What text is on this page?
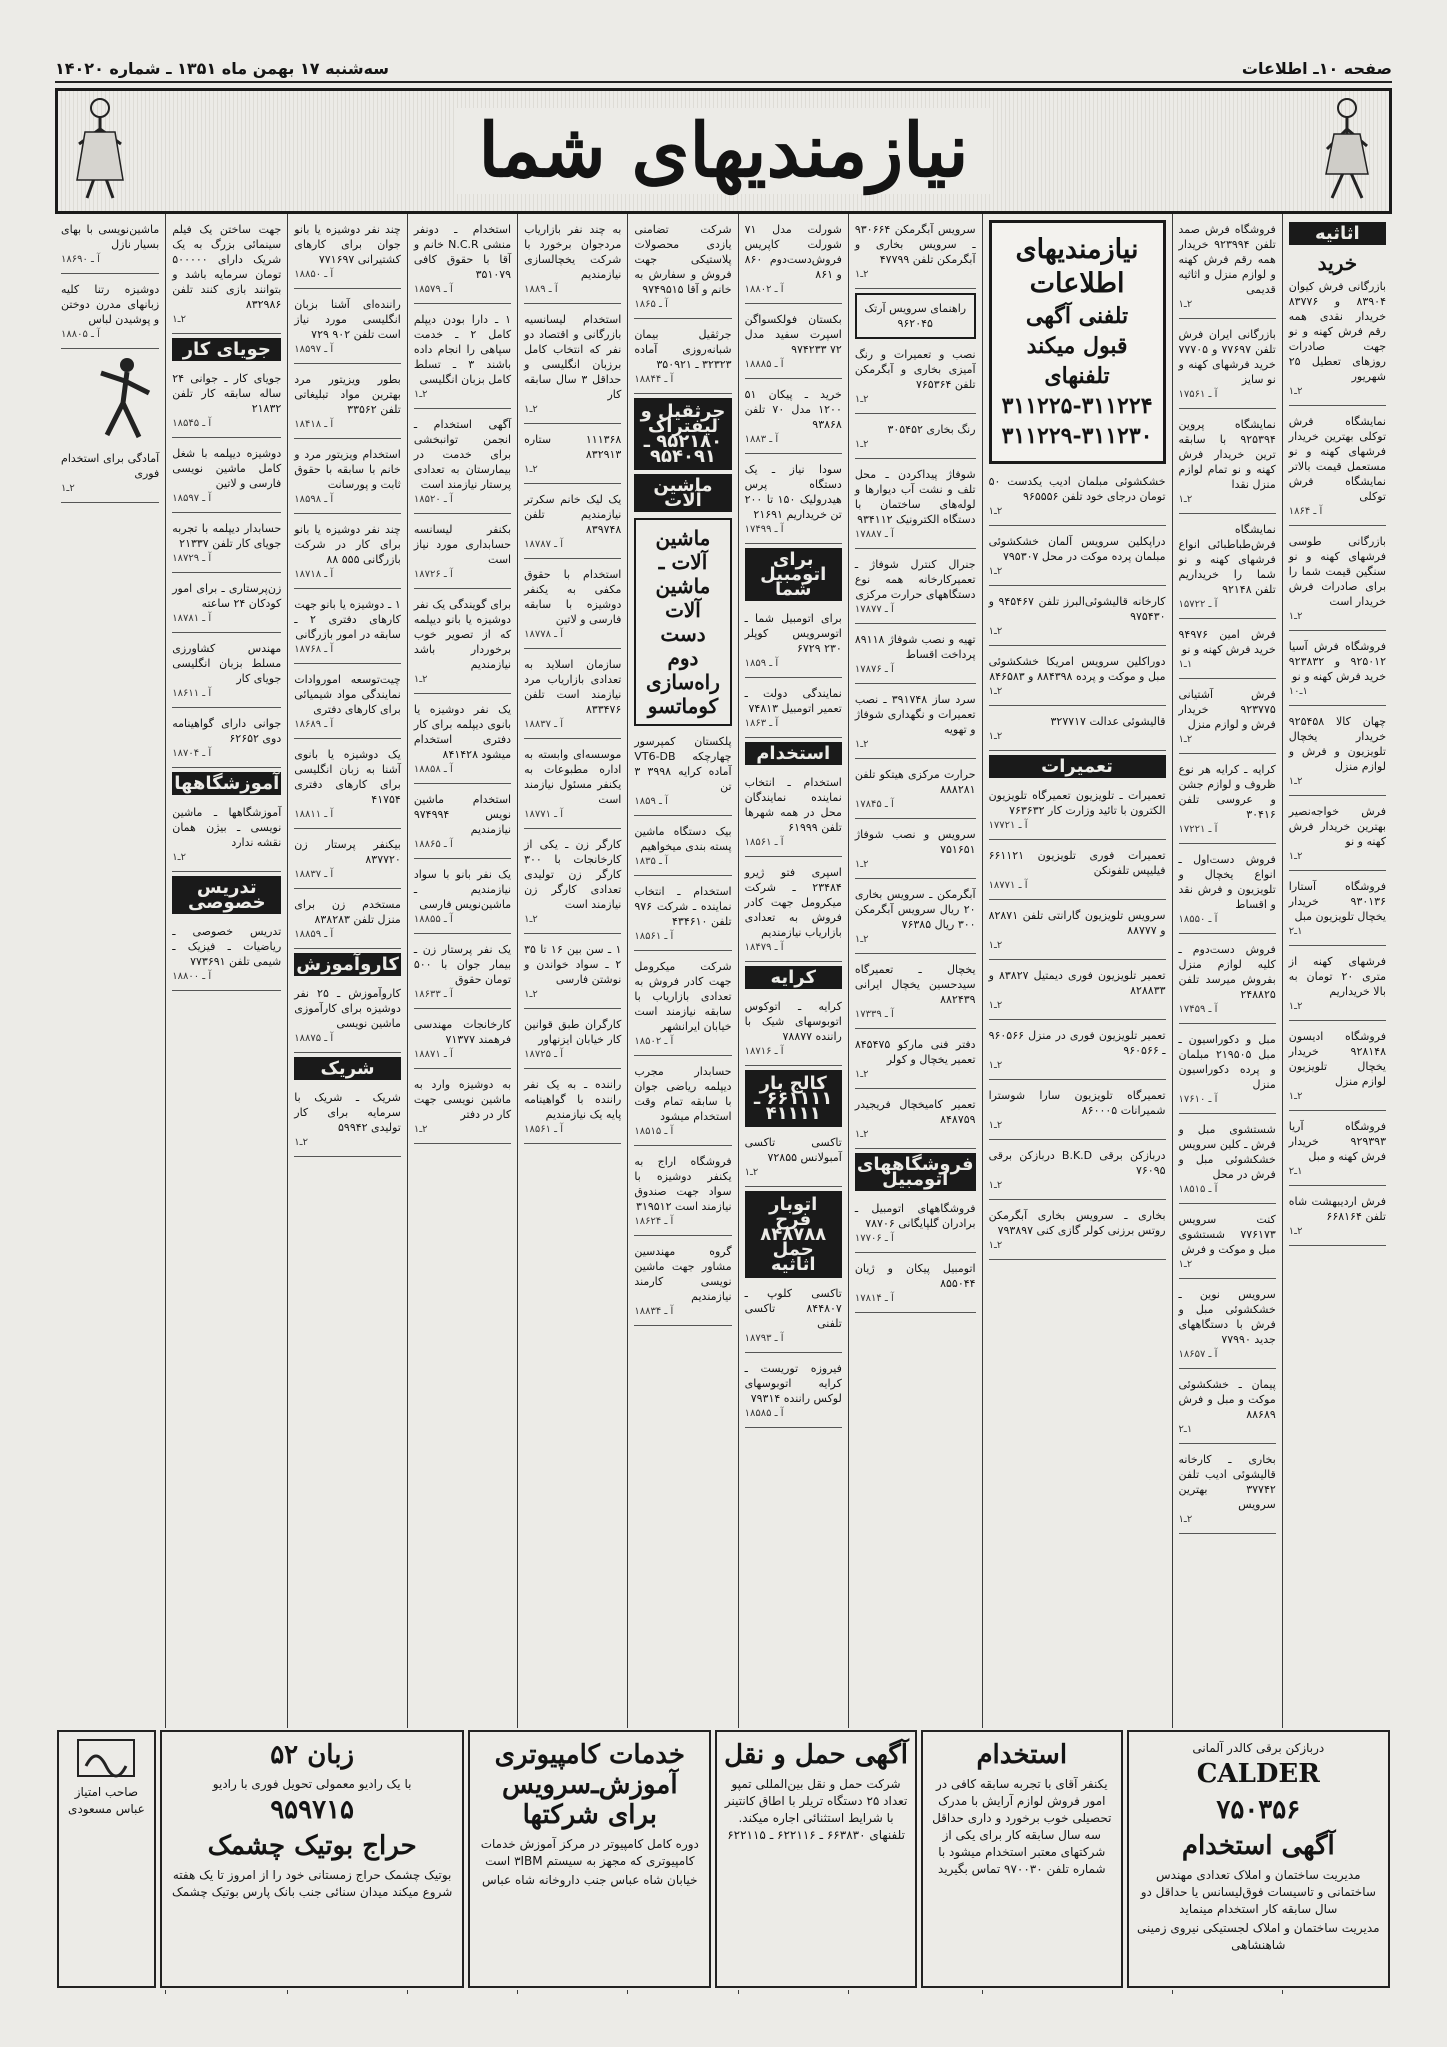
صفحه ۱۰ـ اطلاعات
سه‌شنبه ۱۷ بهمن ماه ۱۳۵۱ ـ شماره ۱۴۰۲۰
نیازمندیهای شما
اثاثیه
خرید
بازرگانی فرش کیوان ۸۳۹۰۴ و ۸۳۷۷۶ خریدار نقدی همه رقم فرش کهنه و نو جهت صادرات روزهای تعطیل ۲۵ شهریور
۲ـ۱
نمایشگاه فرش توکلی بهترین خریدار فرشهای کهنه و نو مستعمل قیمت بالاتر نمایشگاه فرش توکلی
آ ـ ۱۸۶۴
بازرگانی طوسی فرشهای کهنه و نو سنگین قیمت شما را برای صادرات فرش خریدار است
۲ـ۱
فروشگاه فرش آسیا ۹۲۵۰۱۲ و ۹۲۳۸۳۲ خرید فرش کهنه و نو
۱ـ۱۰
چهان کالا ۹۲۵۴۵۸ خریدار یخچال تلویزیون و فرش و لوازم منزل
۲ـ۱
فرش خواجه‌نصیر بهترین خریدار فرش کهنه و نو
۲ـ۱
فروشگاه آستارا ۹۳۰۱۳۶ خریدار یخچال تلویزیون مبل
۱ـ۲
فرشهای کهنه از متری ۲۰ تومان به بالا خریداریم
۲ـ۱
فروشگاه ادیسون ۹۲۸۱۴۸ خریدار یخچال تلویزیون لوازم منزل
۲ـ۱
فروشگاه آریا ۹۲۹۳۹۳ خریدار فرش کهنه و مبل
۱ـ۲
فرش اردیبهشت شاه تلفن ۶۶۸۱۶۴
۲ـ۱
فروشگاه فرش صمد تلفن ۹۲۳۹۹۴ خریدار همه رقم فرش کهنه و لوازم منزل و اثاثیه قدیمی
۲ـ۱
بازرگانی ایران فرش تلفن ۷۷۶۹۷ و ۷۷۷۰۵ خرید فرشهای کهنه و نو سایز
آ ـ ۱۷۵۶۱
نمایشگاه پروین ۹۲۵۳۹۴ با سابقه ترین خریدار فرش کهنه و نو تمام لوازم منزل نقدا
۲ـ۱
نمایشگاه فرش‌طباطبائی انواع فرشهای کهنه و نو شما را خریداریم تلفن ۹۲۱۴۸
آ ـ ۱۵۷۲۲
فرش امین ۹۴۹۷۶ خرید فرش کهنه و نو
۱ـ۱
فرش آشتیانی ۹۲۳۷۷۵ خریدار فرش و لوازم منزل
۲ـ۱
کرایه ـ کرایه هر نوع ظروف و لوازم جشن و عروسی تلفن ۳۰۴۱۶
آ ـ ۱۷۲۲۱
فروش دست‌اول ـ انواع یخچال و تلویزیون و فرش نقد و اقساط
آ ـ ۱۸۵۵۰
فروش دست‌دوم ـ کلیه لوازم منزل بفروش میرسد تلفن ۲۴۸۸۲۵
آ ـ ۱۷۴۵۹
مبل و دکوراسیون ـ مبل ۲۱۹۵۰۵ مبلمان و پرده دکوراسیون منزل
آ ـ ۱۷۶۱۰
شستشوی مبل و فرش ـ کلین سرویس خشکشوئی مبل و فرش در محل
آ ـ ۱۸۵۱۵
کنت سرویس ۷۷۶۱۷۳ شستشوی مبل و موکت و فرش
۲ـ۱
سرویس نوین ـ خشکشوئی مبل و فرش با دستگاههای جدید ۷۷۹۹۰
آ ـ ۱۸۶۵۷
پیمان ـ خشکشوئی موکت و مبل و فرش ۸۸۶۸۹
۱ـ۲
بخاری ـ کارخانه قالیشوئی ادیب تلفن ۳۷۷۴۲ بهترین سرویس
۲ـ۱
نیازمندیهای اطلاعات
تلفنی آگهی قبول میکند
تلفنهای ۳۱۱۲۲۴-۳۱۱۲۲۵
۳۱۱۲۲۹-۳۱۱۲۳۰
خشکشوئی مبلمان ادیب یکدست ۵۰ تومان درجای خود تلفن ۹۶۵۵۵۶
۲ـ۱
دراپکلین سرویس آلمان خشکشوئی مبلمان پرده موکت در محل ۷۹۵۳۰۷
۲ـ۱
کارخانه قالیشوئی‌البرز تلفن ۹۴۵۴۶۷ و ۹۷۵۴۳۰
۲ـ۱
دوراکلین سرویس امریکا خشکشوئی مبل و موکت و پرده ۸۸۴۳۹۸ و ۸۴۶۵۸۳
۲ـ۱
قالیشوئی عدالت ۳۲۷۷۱۷
۲ـ۱
تعمیرات
تعمیرات ـ تلویزیون تعمیرگاه تلویزیون الکترون با تائید وزارت کار ۷۶۳۶۳۲
آ ـ ۱۷۷۲۱
تعمیرات فوری تلویزیون ۶۶۱۱۲۱ فیلیپس تلفونکن
آ ـ ۱۸۷۷۱
سرویس تلویزیون گارانتی تلفن ۸۲۸۷۱ و ۸۸۷۷۷
۲ـ۱
تعمیر تلویزیون فوری دیمتیل ۸۳۸۲۷ و ۸۲۸۸۳۳
۲ـ۱
تعمیر تلویزیون فوری در منزل ۹۶۰۵۶۶ ـ ۹۶۰۵۶۶
۲ـ۱
تعمیرگاه تلویزیون سارا شوسترا شمیرانات ۸۶۰۰۰۵
۲ـ۱
دربازکن برقی B.K.D دربازکن برقی ۷۶۰۹۵
۲ـ۱
بخاری ـ سرویس بخاری آبگرمکن روتس برزنی کولر گازی کنی ۷۹۳۸۹۷
۲ـ۱
سرویس آبگرمکن ۹۳۰۶۶۴ ـ سرویس بخاری و آبگرمکن تلفن ۴۷۷۹۹
۲ـ۱
راهنمای سرویس آرتک ۹۶۲۰۴۵
نصب و تعمیرات و رنگ آمیزی بخاری و آبگرمکن تلفن ۷۶۵۳۶۴
۲ـ۱
رنگ بخاری ۳۰۵۴۵۲
۲ـ۱
شوفاژ پیداکردن ـ محل تلف و نشت آب دیوارها و لوله‌های ساختمان با دستگاه الکترونیک ۹۳۴۱۱۲
آ ـ ۱۷۸۸۷
جنرال کنترل شوفاژ ـ تعمیرکارخانه همه نوع دستگاههای حرارت مرکزی
آ ـ ۱۷۸۷۷
تهیه و نصب شوفاژ ۸۹۱۱۸ پرداخت اقساط
آ ـ ۱۷۸۷۶
سرد ساز ۳۹۱۷۴۸ ـ نصب تعمیرات و نگهداری شوفاژ و تهویه
۲ـ۱
حرارت مرکزی هیتکو تلفن ۸۸۸۲۸۱
آ ـ ۱۷۸۴۵
سرویس و نصب شوفاژ ۷۵۱۶۵۱
۲ـ۱
آبگرمکن ـ سرویس بخاری ۲۰ ریال سرویس آبگرمکن ۳۰۰ ریال ۷۶۳۸۵
۲ـ۱
یخچال ـ تعمیرگاه سیدحسین یخچال ایرانی ۸۸۲۴۳۹
آ ـ ۱۷۳۳۹
دفتر فنی مارکو ۸۴۵۴۷۵ تعمیر یخچال و کولر
۲ـ۱
تعمیر کامیخچال فریجیدر ۸۴۸۷۵۹
۲ـ۱
فروشگاههای اتومبیل
فروشگاههای اتومبیل ـ برادران گلپایگانی ۷۸۷۰۶
آ ـ ۱۷۷۰۶
اتومبیل پیکان و ژیان ۸۵۵۰۴۴
آ ـ ۱۷۸۱۴
شورلت مدل ۷۱ شورلت کاپریس فروش‌دست‌دوم ۸۶۰ و ۸۶۱
آ ـ ۱۸۸۰۲
بکستان فولکسواگن اسپرت سفید مدل ۷۲ ۹۷۴۲۳۳
آ ـ ۱۸۸۸۵
خرید ـ پیکان ۵۱ ۱۲۰۰ مدل ۷۰ تلفن ۹۳۸۶۸
آ ـ ۱۸۸۳
سودا نیاز ـ یک دستگاه پرس هیدرولیک ۱۵۰ تا ۲۰۰ تن خریداریم ۲۱۶۹۱
آ ـ ۱۷۴۹۹
برای اتومبیل شما
برای اتومبیل شما ـ اتوسرویس کوپلر ۲۳۰ ۶۷۲۹
آ ـ ۱۸۵۹
نمایندگی دولت ـ تعمیر اتومبیل ۷۴۸۱۳
آ ـ ۱۸۶۳
استخدام
استخدام ـ انتخاب نماینده نمایندگان محل در همه شهرها تلفن ۶۱۹۹۹
آ ـ ۱۸۵۶۱
اسپری فتو ژیرو ۲۳۴۸۴ ـ شرکت میکرومل جهت کادر فروش به تعدادی بازاریاب نیازمندیم
آ ـ ۱۸۴۷۹
کرایه
کرایه ـ اتوکوس اتوبوسهای شیک با راننده ۷۸۸۷۷
آ ـ ۱۸۷۱۶
کالج بار ۶۶۱۱۱۱ ـ ۴۱۱۱۱
تاکسی تاکسی آمبولانس ۷۲۸۵۵
۲ـ۱
اتوبار فرح ۸۴۸۷۸۸ حمل اثاثیه
تاکسی کلوپ ـ ۸۴۴۸۰۷ تاکسی تلفنی
آ ـ ۱۸۷۹۳
فیروزه توریست ـ کرایه اتوبوسهای لوکس راننده ۷۹۳۱۴
آ ـ ۱۸۵۸۵
شرکت تضامنی یازدی محصولات پلاستیکی جهت فروش و سفارش به خانم و آقا ۹۷۴۹۵۱۵
آ ـ ۱۸۶۵
جرثقیل بیمان شبانه‌روزی آماده ۳۲۳۲۳ ـ ۳۵۰۹۲۱
آ ـ ۱۸۸۴۴
جرثقیل و لیفتراک ۹۵۲۱۸۰ ـ ۹۵۴۰۹۱
ماشین آلات
ماشین آلات ـ ماشین آلات دست دوم راه‌سازی کوماتسو
پلکستان کمپرسور چهارچکه VT6-DB آماده کرایه ۳۹۹۸ ۳ تن
آ ـ ۱۸۵۹
بیک دستگاه ماشین پسته بندی میخواهیم
آ ـ ۱۸۳۵
استخدام ـ انتخاب نماینده ـ شرکت ۹۷۶ تلفن ۴۳۴۶۱۰
آ ـ ۱۸۵۶۱
شرکت میکرومل جهت کادر فروش به تعدادی بازاریاب با سابقه نیازمند است خیابان ایرانشهر
آ ـ ۱۸۵۰۲
حسابدار مجرب دیپلمه ریاضی جوان با سابقه تمام وقت استخدام میشود
آ ـ ۱۸۵۱۵
فروشگاه اراج به یکنفر دوشیزه با سواد جهت صندوق نیازمند است ۳۱۹۵۱۲
آ ـ ۱۸۶۲۴
گروه مهندسین مشاور جهت ماشین نویسی کارمند نیازمندیم
آ ـ ۱۸۸۳۴
به چند نفر بازاریاب مردجوان برخورد با شرکت یخچالسازی نیازمندیم
آ ـ ۱۸۸۹
استخدام لیسانسیه بازرگانی و اقتصاد دو نفر که انتخاب کامل برزبان انگلیسی و حداقل ۳ سال سابقه کار
۲ـ۱
۱۱۱۳۶۸ ستاره ۸۳۲۹۱۳
۲ـ۱
یک لیک خانم سکرتر نیازمندیم تلفن ۸۳۹۷۴۸
آ ـ ۱۸۷۸۷
استخدام با حقوق مکفی به یکنفر دوشیزه با سابقه فارسی و لاتین
آ ـ ۱۸۷۷۸
سازمان اسلاید به تعدادی بازاریاب مرد نیازمند است تلفن ۸۳۳۴۷۶
آ ـ ۱۸۸۳۷
موسسه‌ای وابسته به اداره مطبوعات به یکنفر مسئول نیازمند است
آ ـ ۱۸۷۷۱
کارگر زن ـ یکی از کارخانجات با ۳۰۰ کارگر زن تولیدی تعدادی کارگر زن نیازمند است
۲ـ۱
۱ ـ سن بین ۱۶ تا ۳۵ ۲ ـ سواد خواندن و نوشتن فارسی
۲ـ۱
کارگران طبق قوانین کار خیابان ایزنهاور
آ ـ ۱۸۷۲۵
راننده ـ به یک نفر راننده با گواهینامه پایه یک نیازمندیم
آ ـ ۱۸۵۶۱
استخدام ـ دونفر منشی N.C.R خانم و آقا با حقوق کافی ۳۵۱۰۷۹
آ ـ ۱۸۵۷۹
۱ ـ دارا بودن دیپلم کامل ۲ ـ خدمت سپاهی را انجام داده باشند ۳ ـ تسلط کامل بزبان انگلیسی
۲ـ۱
آگهی استخدام ـ انجمن توانبخشی برای خدمت در بیمارستان به تعدادی پرستار نیازمند است
آ ـ ۱۸۵۲۰
بکنفر لیسانسه حسابداری مورد نیاز است
آ ـ ۱۸۷۲۶
برای گویندگی یک نفر دوشیزه یا بانو دیپلمه که از تصویر خوب برخوردار باشد نیازمندیم
۲ـ۱
یک نفر دوشیزه یا بانوی دیپلمه برای کار دفتری استخدام میشود ۸۴۱۴۲۸
آ ـ ۱۸۸۵۸
استخدام ماشین نویس ۹۷۴۹۹۴ نیازمندیم
آ ـ ۱۸۸۶۵
یک نفر بانو با سواد نیازمندیم ـ ماشین‌نویس فارسی
آ ـ ۱۸۸۵۵
یک نفر پرستار زن ـ بیمار جوان با ۵۰۰ تومان حقوق
آ ـ ۱۸۶۳۳
کارخانجات مهندسی فرهمند ۷۱۳۷۷
آ ـ ۱۸۸۷۱
به دوشیزه وارد به ماشین نویسی جهت کار در دفتر
۲ـ۱
چند نفر دوشیزه یا بانو جوان برای کارهای کشتیرانی ۷۷۱۶۹۷
آ ـ ۱۸۸۵۰
راننده‌ای آشنا بزبان انگلیسی مورد نیاز است تلفن ۹۰۲ ۷۲۹
آ ـ ۱۸۵۹۷
بطور ویزیتور مرد بهترین مواد تبلیغاتی تلفن ۳۳۵۶۲
آ ـ ۱۸۴۱۸
استخدام ویزیتور مرد و خانم با سابقه با حقوق ثابت و پورسانت
آ ـ ۱۸۵۹۸
چند نفر دوشیزه یا بانو برای کار در شرکت بازرگانی ۵۵۵ ۸۸
آ ـ ۱۸۷۱۸
۱ ـ دوشیزه یا بانو جهت کارهای دفتری ۲ ـ سابقه در امور بازرگانی
آ ـ ۱۸۷۶۸
چیت‌توسعه اموروادات نمایندگی مواد شیمیائی برای کارهای دفتری
آ ـ ۱۸۶۸۹
یک دوشیزه یا بانوی آشنا به زبان انگلیسی برای کارهای دفتری ۴۱۷۵۴
آ ـ ۱۸۸۱۱
بیکنفر پرستار زن ۸۳۷۷۲۰
آ ـ ۱۸۸۳۷
مستخدم زن برای منزل تلفن ۸۳۸۲۸۳
آ ـ ۱۸۸۵۹
کاروآموزش
کاروآموزش ـ ۲۵ نفر دوشیزه برای کارآموزی ماشین نویسی
آ ـ ۱۸۸۷۵
شریک
شریک ـ شریک با سرمایه برای کار تولیدی ۵۹۹۴۲
۲ـ۱
جهت ساختن یک فیلم سینمائی بزرگ به یک شریک دارای ۵۰۰۰۰۰ تومان سرمایه باشد و بتوانند بازی کنند تلفن ۸۳۲۹۸۶
۲ـ۱
جویای کار
جویای کار ـ جوانی ۲۴ ساله سابقه کار تلفن ۲۱۸۳۲
آ ـ ۱۸۵۴۵
دوشیزه دیپلمه با شغل کامل ماشین نویسی فارسی و لاتین
آ ـ ۱۸۵۹۷
حسابدار دیپلمه با تجربه جویای کار تلفن ۲۱۳۳۷
آ ـ ۱۸۷۲۹
زن‌پرستاری ـ برای امور کودکان ۲۴ ساعته
آ ـ ۱۸۷۸۱
مهندس کشاورزی مسلط بزبان انگلیسی جویای کار
آ ـ ۱۸۶۱۱
جوانی دارای گواهینامه دوی ۶۲۶۵۲
آ ـ ۱۸۷۰۴
آموزشگاهها
آموزشگاهها ـ ماشین نویسی ـ بیژن همان نقشه ندارد
۲ـ۱
تدریس خصوصی
تدریس خصوصی ـ ریاضیات ـ فیزیک ـ شیمی تلفن ۷۷۳۶۹۱
آ ـ ۱۸۸۰۰
ماشین‌نویسی با بهای بسیار نازل
آ ـ ۱۸۶۹۰
دوشیزه رتنا کلیه زبانهای مدرن دوختن و پوشیدن لباس
آ ـ ۱۸۸۰۵
آمادگی برای استخدام فوری
۲ـ۱

دربازکن برقی کالدر آلمانی

CALDER
۷۵۰۳۵۶
آگهی استخدام

مدیریت ساختمان و املاک تعدادی مهندس ساختمانی و تاسیسات فوق‌لیسانس یا حداقل دو سال سابقه کار استخدام مینماید

مدیریت ساختمان و املاک لجستیکی نیروی زمینی شاهنشاهی

استخدام

یکنفر آقای با تجربه سابقه کافی در امور فروش لوازم آرایش با مدرک تحصیلی خوب برخورد و داری حداقل سه سال سابقه کار برای یکی از شرکتهای معتبر استخدام میشود با شماره تلفن ۹۷۰۰۳۰ تماس بگیرید

آگهی حمل و نقل

شرکت حمل و نقل بین‌المللی تمپو تعداد ۲۵ دستگاه تریلر با اطاق کانتینر با شرایط استثنائی اجاره میکند. تلفنهای ۶۶۳۸۳۰ ـ ۶۲۲۱۱۶ ـ ۶۲۲۱۱۵

خدمات کامپیوتری آموزش‌ـ‌سرویس برای شرکتها

دوره کامل کامپیوتر در مرکز آموزش خدمات کامپیوتری که مجهز به سیستم ۳IBM است

خیابان شاه عباس جنب داروخانه شاه عباس

زبان ۵۲

با یک رادیو معمولی تحویل فوری با رادیو

۹۵۹۷۱۵
حراج بوتیک چشمک

بوتیک چشمک حراج زمستانی خود را از امروز تا یک هفته شروع میکند میدان سنائی جنب بانک پارس بوتیک چشمک

صاحب امتیاز عباس مسعودی
